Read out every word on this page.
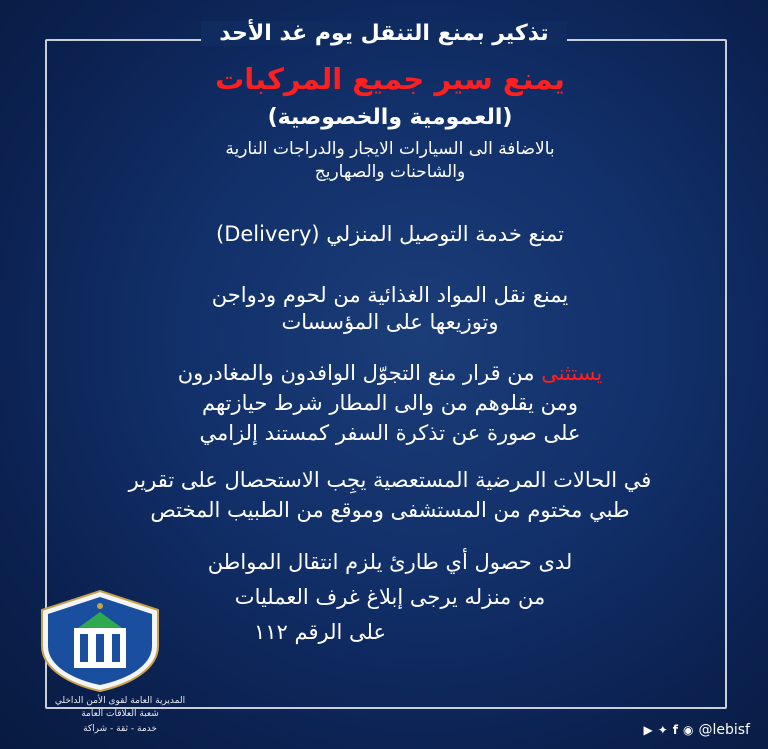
تذكير بمنع التنقل يوم غد الأحد
يمنع سير جميع المركبات
(العمومية والخصوصية)
بالاضافة الى السيارات الايجار والدراجات النارية
والشاحنات والصهاريج
تمنع خدمة التوصيل المنزلي (Delivery)
يمنع نقل المواد الغذائية من لحوم ودواجن
وتوزيعها على المؤسسات
يستثنى من قرار منع التجوّل الوافدون والمغادرون
ومن يقلوهم من والى المطار شرط حيازتهم
على صورة عن تذكرة السفر كمستند إلزامي
في الحالات المرضية المستعصية يجِب الاستحصال على تقرير
طبي مختوم من المستشفى وموقع من الطبيب المختص
لدى حصول أي طارئ يلزم انتقال المواطن
من منزله يرجى إبلاغ غرف العمليات
على الرقم ١١٢
المديرية العامة لقوى الأمن الداخلي
شعبة العلاقات العامة
خدمة - ثقة - شراكة	▶ ✦ f ◉ @lebisf
